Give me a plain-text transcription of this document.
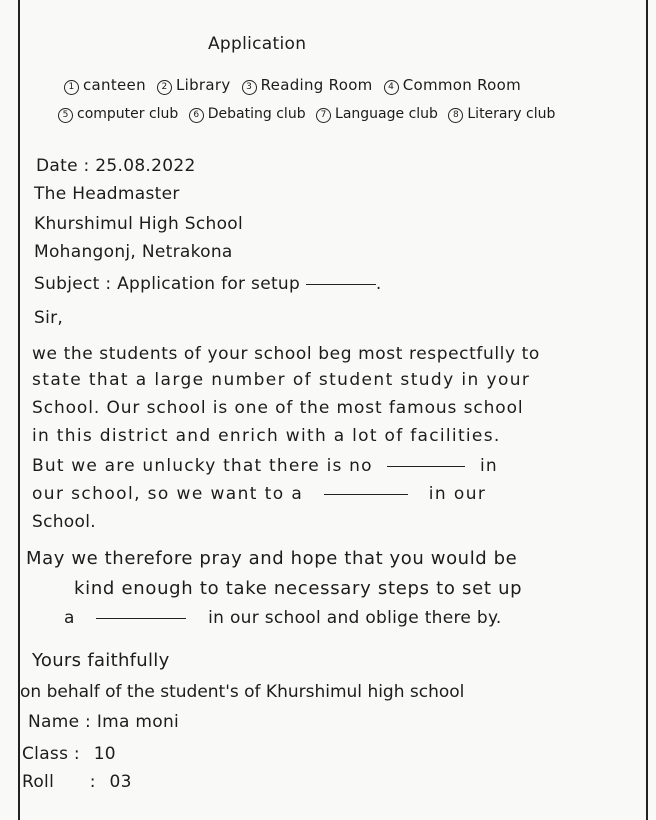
Application
1 canteen 2 Library 3 Reading Room 4 Common Room
5 computer club 6 Debating club 7 Language club 8 Literary club
Date : 25.08.2022
The Headmaster
Khurshimul High School
Mohangonj, Netrakona
Subject : Application for setup	.
Sir,
we the students of your school beg most respectfully to
state that a large number of student study in your
School. Our school is one of the most famous school
in this district and enrich with a lot of facilities.
But we are unlucky that there is no	in
our school, so we want to a	in our
School.
May we therefore pray and hope that you would be
kind enough to take necessary steps to set up
a	in our school and oblige there by.
Yours faithfully
on behalf of the student's of Khurshimul high school
Name : Ima moni
Class : 10
Roll : 03
